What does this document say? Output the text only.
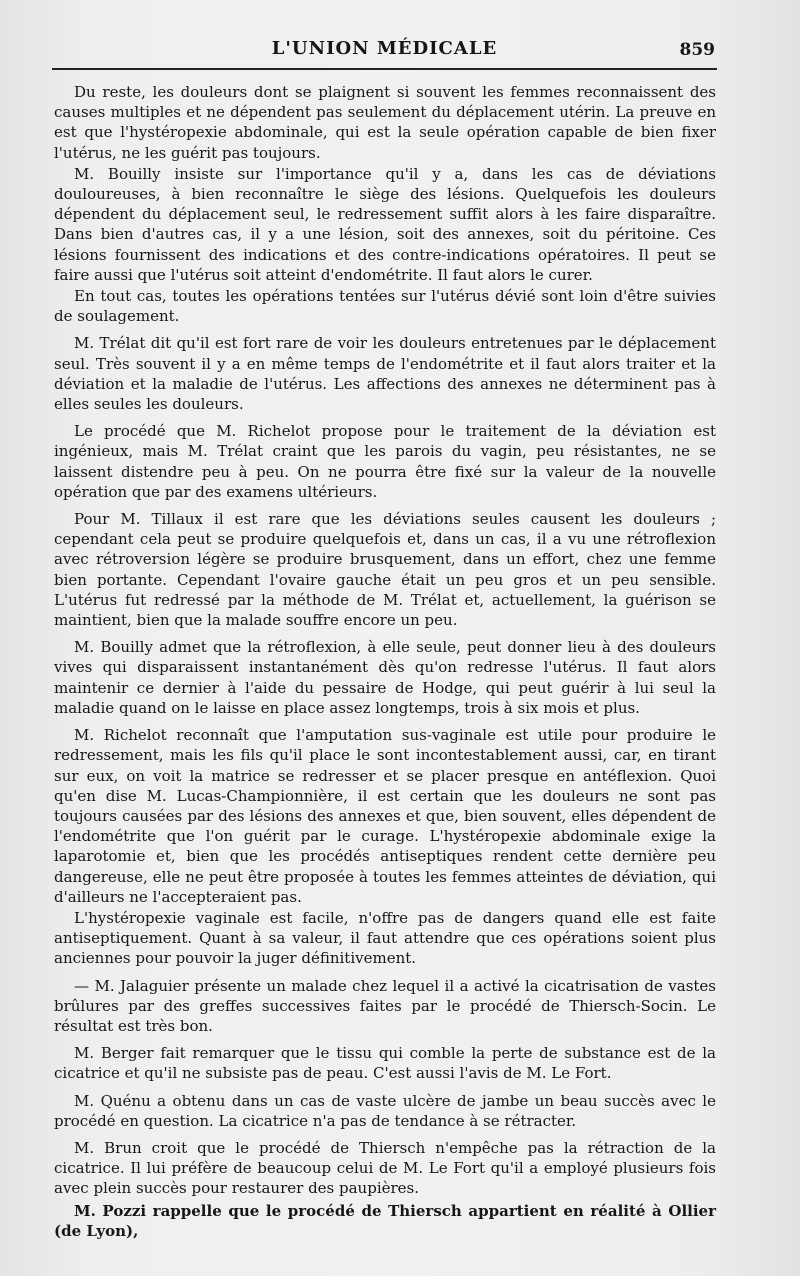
L'UNION MÉDICALE	859

Du reste, les douleurs dont se plaignent si souvent les femmes reconnaissent des causes multiples et ne dépendent pas seulement du déplacement utérin. La preuve en est que l'hystéropexie abdominale, qui est la seule opération capable de bien fixer l'utérus, ne les guérit pas toujours.

M. Bouilly insiste sur l'importance qu'il y a, dans les cas de déviations douloureuses, à bien reconnaître le siège des lésions. Quelquefois les douleurs dépendent du déplacement seul, le redressement suffit alors à les faire disparaître. Dans bien d'autres cas, il y a une lésion, soit des annexes, soit du péritoine. Ces lésions fournissent des indications et des contre-indications opératoires. Il peut se faire aussi que l'utérus soit atteint d'endométrite. Il faut alors le curer.

En tout cas, toutes les opérations tentées sur l'utérus dévié sont loin d'être suivies de soulagement.

M. Trélat dit qu'il est fort rare de voir les douleurs entretenues par le déplacement seul. Très souvent il y a en même temps de l'endométrite et il faut alors traiter et la déviation et la maladie de l'utérus. Les affections des annexes ne déterminent pas à elles seules les douleurs.

Le procédé que M. Richelot propose pour le traitement de la déviation est ingénieux, mais M. Trélat craint que les parois du vagin, peu résistantes, ne se laissent distendre peu à peu. On ne pourra être fixé sur la valeur de la nouvelle opération que par des examens ultérieurs.

Pour M. Tillaux il est rare que les déviations seules causent les douleurs ; cependant cela peut se produire quelquefois et, dans un cas, il a vu une rétroflexion avec rétroversion légère se produire brusquement, dans un effort, chez une femme bien portante. Cependant l'ovaire gauche était un peu gros et un peu sensible. L'utérus fut redressé par la méthode de M. Trélat et, actuellement, la guérison se maintient, bien que la malade souffre encore un peu.

M. Bouilly admet que la rétroflexion, à elle seule, peut donner lieu à des douleurs vives qui disparaissent instantanément dès qu'on redresse l'utérus. Il faut alors maintenir ce dernier à l'aide du pessaire de Hodge, qui peut guérir à lui seul la maladie quand on le laisse en place assez longtemps, trois à six mois et plus.

M. Richelot reconnaît que l'amputation sus-vaginale est utile pour produire le redressement, mais les fils qu'il place le sont incontestablement aussi, car, en tirant sur eux, on voit la matrice se redresser et se placer presque en antéflexion. Quoi qu'en dise M. Lucas-Championnière, il est certain que les douleurs ne sont pas toujours causées par des lésions des annexes et que, bien souvent, elles dépendent de l'endométrite que l'on guérit par le curage. L'hystéropexie abdominale exige la laparotomie et, bien que les procédés antiseptiques rendent cette dernière peu dangereuse, elle ne peut être proposée à toutes les femmes atteintes de déviation, qui d'ailleurs ne l'accepteraient pas.

L'hystéropexie vaginale est facile, n'offre pas de dangers quand elle est faite antiseptiquement. Quant à sa valeur, il faut attendre que ces opérations soient plus anciennes pour pouvoir la juger définitivement.

— M. Jalaguier présente un malade chez lequel il a activé la cicatrisation de vastes brûlures par des greffes successives faites par le procédé de Thiersch-Socin. Le résultat est très bon.

M. Berger fait remarquer que le tissu qui comble la perte de substance est de la cicatrice et qu'il ne subsiste pas de peau. C'est aussi l'avis de M. Le Fort.

M. Quénu a obtenu dans un cas de vaste ulcère de jambe un beau succès avec le procédé en question. La cicatrice n'a pas de tendance à se rétracter.

M. Brun croit que le procédé de Thiersch n'empêche pas la rétraction de la cicatrice. Il lui préfère de beaucoup celui de M. Le Fort qu'il a employé plusieurs fois avec plein succès pour restaurer des paupières.

M. Pozzi rappelle que le procédé de Thiersch appartient en réalité à Ollier (de Lyon),
